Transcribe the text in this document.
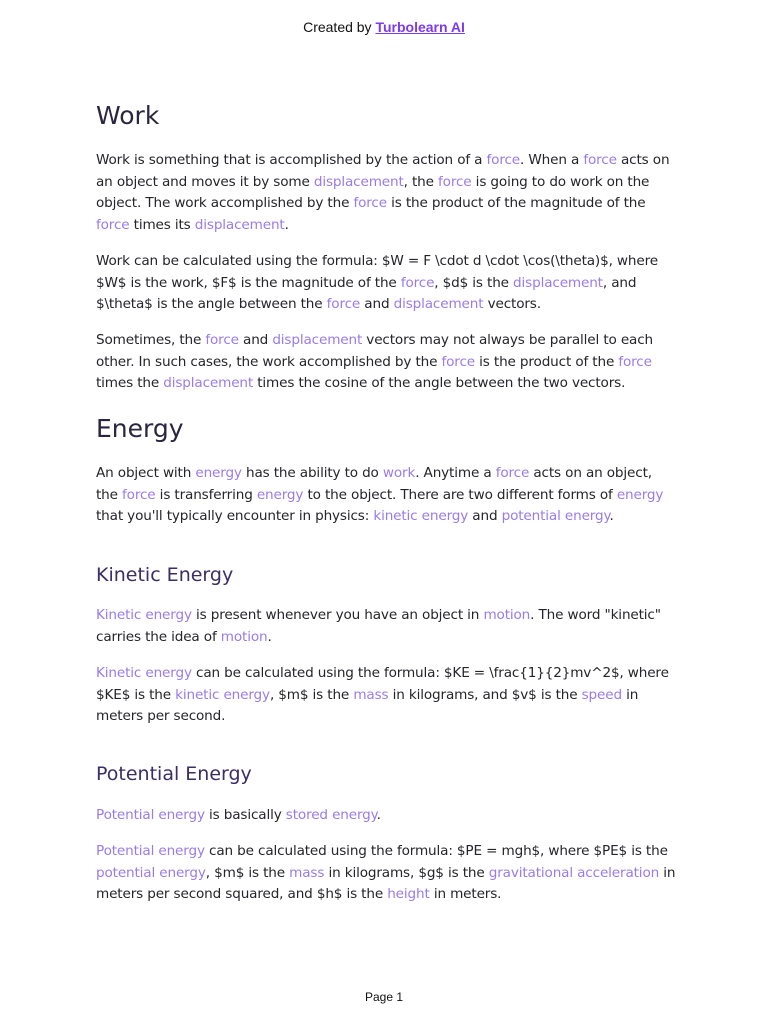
Created by Turbolearn AI
Work

Work is something that is accomplished by the action of a force. When a force acts on an object and moves it by some displacement, the force is going to do work on the object. The work accomplished by the force is the product of the magnitude of the force times its displacement.

Work can be calculated using the formula: $W = F \cdot d \cdot \cos(\theta)$, where $W$ is the work, $F$ is the magnitude of the force, $d$ is the displacement, and $\theta$ is the angle between the force and displacement vectors.

Sometimes, the force and displacement vectors may not always be parallel to each other. In such cases, the work accomplished by the force is the product of the force times the displacement times the cosine of the angle between the two vectors.

Energy

An object with energy has the ability to do work. Anytime a force acts on an object, the force is transferring energy to the object. There are two different forms of energy that you'll typically encounter in physics: kinetic energy and potential energy.

Kinetic Energy

Kinetic energy is present whenever you have an object in motion. The word "kinetic" carries the idea of motion.

Kinetic energy can be calculated using the formula: $KE = \frac{1}{2}mv^2$, where $KE$ is the kinetic energy, $m$ is the mass in kilograms, and $v$ is the speed in meters per second.

Potential Energy

Potential energy is basically stored energy.

Potential energy can be calculated using the formula: $PE = mgh$, where $PE$ is the potential energy, $m$ is the mass in kilograms, $g$ is the gravitational acceleration in meters per second squared, and $h$ is the height in meters.

Page 1
